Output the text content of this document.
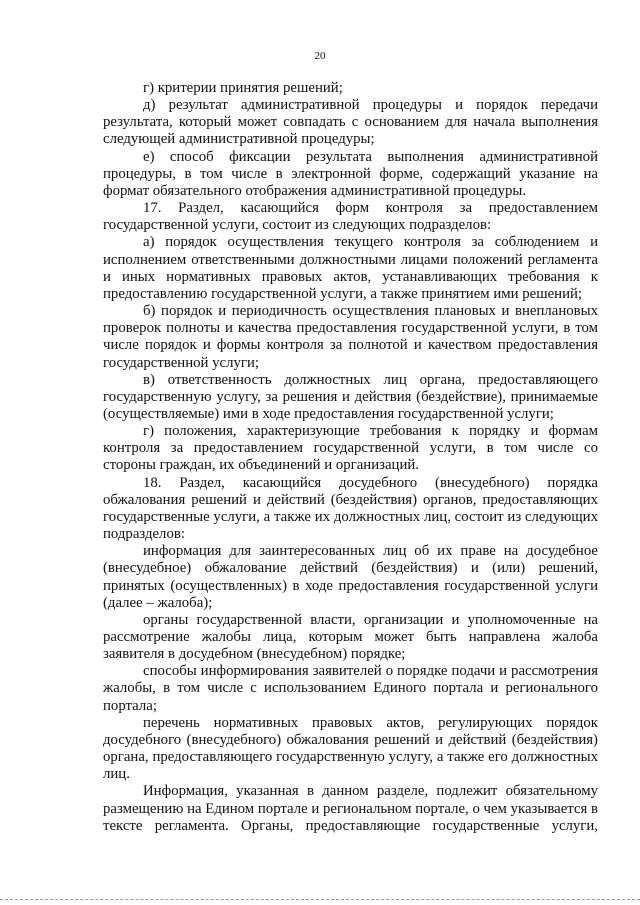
20

г) критерии принятия решений;

д) результат административной процедуры и порядок передачи результата, который может совпадать с основанием для начала выполнения следующей административной процедуры;

е) способ фиксации результата выполнения административной процедуры, в том числе в электронной форме, содержащий указание на формат обязательного отображения административной процедуры.

17. Раздел, касающийся форм контроля за предоставлением государственной услуги, состоит из следующих подразделов:

а) порядок осуществления текущего контроля за соблюдением и исполнением ответственными должностными лицами положений регламента и иных нормативных правовых актов, устанавливающих требования к предоставлению государственной услуги, а также принятием ими решений;

б) порядок и периодичность осуществления плановых и внеплановых проверок полноты и качества предоставления государственной услуги, в том числе порядок и формы контроля за полнотой и качеством предоставления государственной услуги;

в) ответственность должностных лиц органа, предоставляющего государственную услугу, за решения и действия (бездействие), принимаемые (осуществляемые) ими в ходе предоставления государственной услуги;

г) положения, характеризующие требования к порядку и формам контроля за предоставлением государственной услуги, в том числе со стороны граждан, их объединений и организаций.

18. Раздел, касающийся досудебного (внесудебного) порядка обжалования решений и действий (бездействия) органов, предоставляющих государственные услуги, а также их должностных лиц, состоит из следующих подразделов:

информация для заинтересованных лиц об их праве на досудебное (внесудебное) обжалование действий (бездействия) и (или) решений, принятых (осуществленных) в ходе предоставления государственной услуги (далее – жалоба);

органы государственной власти, организации и уполномоченные на рассмотрение жалобы лица, которым может быть направлена жалоба заявителя в досудебном (внесудебном) порядке;

способы информирования заявителей о порядке подачи и рассмотрения жалобы, в том числе с использованием Единого портала и регионального портала;

перечень нормативных правовых актов, регулирующих порядок досудебного (внесудебного) обжалования решений и действий (бездействия) органа, предоставляющего государственную услугу, а также его должностных лиц.

Информация, указанная в данном разделе, подлежит обязательному размещению на Едином портале и региональном портале, о чем указывается в тексте регламента. Органы, предоставляющие государственные услуги,
